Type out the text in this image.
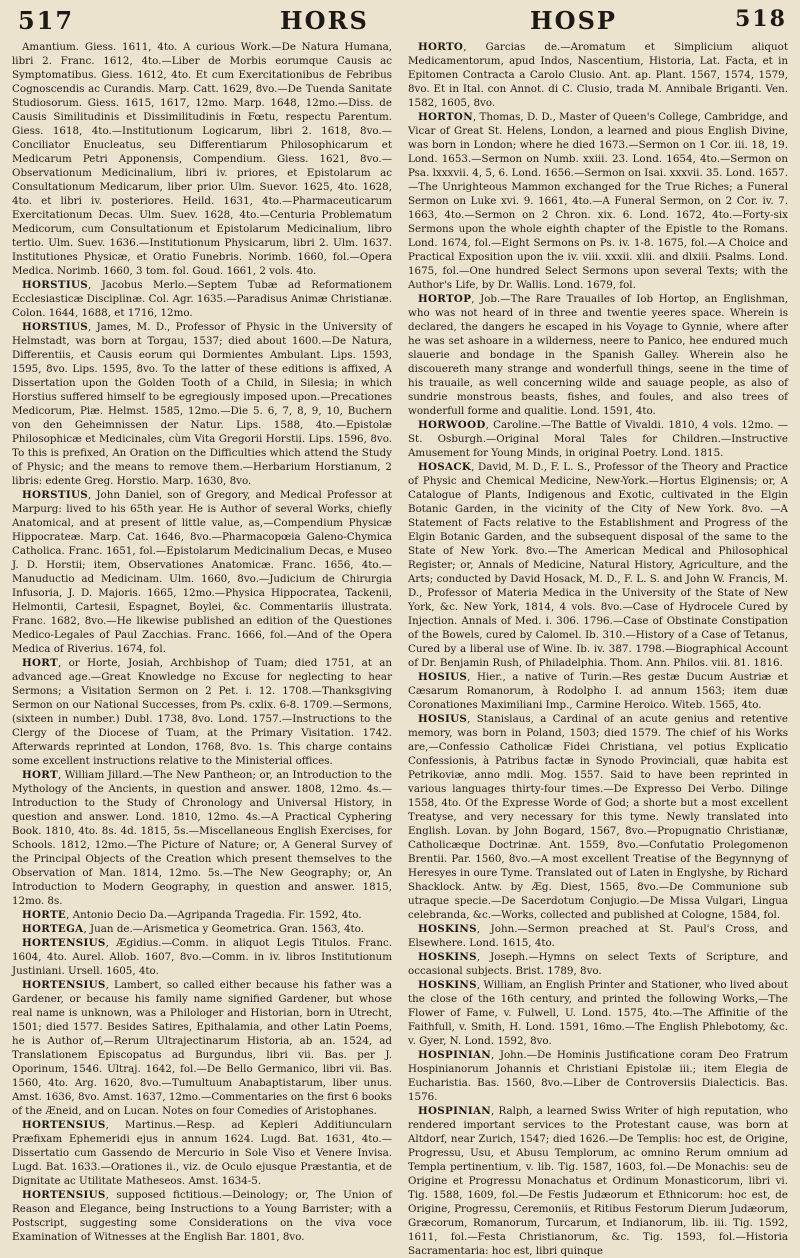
517	HORS	HOSP	518

Amantium. Giess. 1611, 4to. A curious Work.—De Natura Humana, libri 2. Franc. 1612, 4to.—Liber de Morbis eorumque Causis ac Symptomatibus. Giess. 1612, 4to. Et cum Exercitationibus de Febribus Cognoscendis ac Curandis. Marp. Catt. 1629, 8vo.—De Tuenda Sanitate Studiosorum. Giess. 1615, 1617, 12mo. Marp. 1648, 12mo.—Diss. de Causis Similitudinis et Dissimilitudinis in Fœtu, respectu Parentum. Giess. 1618, 4to.—Institutionum Logicarum, libri 2. 1618, 8vo.—Conciliator Enucleatus, seu Differentiarum Philosophicarum et Medicarum Petri Apponensis, Compendium. Giess. 1621, 8vo.—Observationum Medicinalium, libri iv. priores, et Epistolarum ac Consultationum Medicarum, liber prior. Ulm. Suevor. 1625, 4to. 1628, 4to. et libri iv. posteriores. Heild. 1631, 4to.—Pharmaceuticarum Exercitationum Decas. Ulm. Suev. 1628, 4to.—Centuria Problematum Medicorum, cum Consultationum et Epistolarum Medicinalium, libro tertio. Ulm. Suev. 1636.—Institutionum Physicarum, libri 2. Ulm. 1637. Institutiones Physicæ, et Oratio Funebris. Norimb. 1660, fol.—Opera Medica. Norimb. 1660, 3 tom. fol. Goud. 1661, 2 vols. 4to.

HORSTIUS, Jacobus Merlo.—Septem Tubæ ad Reformationem Ecclesiasticæ Disciplinæ. Col. Agr. 1635.—Paradisus Animæ Christianæ. Colon. 1644, 1688, et 1716, 12mo.

HORSTIUS, James, M. D., Professor of Physic in the University of Helmstadt, was born at Torgau, 1537; died about 1600.—De Natura, Differentiis, et Causis eorum qui Dormientes Ambulant. Lips. 1593, 1595, 8vo. Lips. 1595, 8vo. To the latter of these editions is affixed, A Dissertation upon the Golden Tooth of a Child, in Silesia; in which Horstius suffered himself to be egregiously imposed upon.—Precationes Medicorum, Piæ. Helmst. 1585, 12mo.—Die 5. 6, 7, 8, 9, 10, Buchern von den Geheimnissen der Natur. Lips. 1588, 4to.—Epistolæ Philosophicæ et Medicinales, cùm Vita Gregorii Horstii. Lips. 1596, 8vo. To this is prefixed, An Oration on the Difficulties which attend the Study of Physic; and the means to remove them.—Herbarium Horstianum, 2 libris: edente Greg. Horstio. Marp. 1630, 8vo.

HORSTIUS, John Daniel, son of Gregory, and Medical Professor at Marpurg: lived to his 65th year. He is Author of several Works, chiefly Anatomical, and at present of little value, as,—Compendium Physicæ Hippocrateæ. Marp. Cat. 1646, 8vo.—Pharmacopœia Galeno-Chymica Catholica. Franc. 1651, fol.—Epistolarum Medicinalium Decas, e Museo J. D. Horstii; item, Observationes Anatomicæ. Franc. 1656, 4to.—Manuductio ad Medicinam. Ulm. 1660, 8vo.—Judicium de Chirurgia Infusoria, J. D. Majoris. 1665, 12mo.—Physica Hippocratea, Tackenii, Helmontii, Cartesii, Espagnet, Boylei, &c. Commentariis illustrata. Franc. 1682, 8vo.—He likewise published an edition of the Questiones Medico-Legales of Paul Zacchias. Franc. 1666, fol.—And of the Opera Medica of Riverius. 1674, fol.

HORT, or Horte, Josiah, Archbishop of Tuam; died 1751, at an advanced age.—Great Knowledge no Excuse for neglecting to hear Sermons; a Visitation Sermon on 2 Pet. i. 12. 1708.—Thanksgiving Sermon on our National Successes, from Ps. cxlix. 6-8. 1709.—Sermons, (sixteen in number.) Dubl. 1738, 8vo. Lond. 1757.—Instructions to the Clergy of the Diocese of Tuam, at the Primary Visitation. 1742. Afterwards reprinted at London, 1768, 8vo. 1s. This charge contains some excellent instructions relative to the Ministerial offices.

HORT, William Jillard.—The New Pantheon; or, an Introduction to the Mythology of the Ancients, in question and answer. 1808, 12mo. 4s.—Introduction to the Study of Chronology and Universal History, in question and answer. Lond. 1810, 12mo. 4s.—A Practical Cyphering Book. 1810, 4to. 8s. 4d. 1815, 5s.—Miscellaneous English Exercises, for Schools. 1812, 12mo.—The Picture of Nature; or, A General Survey of the Principal Objects of the Creation which present themselves to the Observation of Man. 1814, 12mo. 5s.—The New Geography; or, An Introduction to Modern Geography, in question and answer. 1815, 12mo. 8s.

HORTE, Antonio Decio Da.—Agripanda Tragedia. Fir. 1592, 4to.

HORTEGA, Juan de.—Arismetica y Geometrica. Gran. 1563, 4to.

HORTENSIUS, Ægidius.—Comm. in aliquot Legis Titulos. Franc. 1604, 4to. Aurel. Allob. 1607, 8vo.—Comm. in iv. libros Institutionum Justiniani. Ursell. 1605, 4to.

HORTENSIUS, Lambert, so called either because his father was a Gardener, or because his family name signified Gardener, but whose real name is unknown, was a Philologer and Historian, born in Utrecht, 1501; died 1577. Besides Satires, Epithalamia, and other Latin Poems, he is Author of,—Rerum Ultrajectinarum Historia, ab an. 1524, ad Translationem Episcopatus ad Burgundus, libri vii. Bas. per J. Oporinum, 1546. Ultraj. 1642, fol.—De Bello Germanico, libri vii. Bas. 1560, 4to. Arg. 1620, 8vo.—Tumultuum Anabaptistarum, liber unus. Amst. 1636, 8vo. Amst. 1637, 12mo.—Commentaries on the first 6 books of the Æneid, and on Lucan. Notes on four Comedies of Aristophanes.

HORTENSIUS, Martinus.—Resp. ad Kepleri Additiuncularn Præfixam Ephemeridi ejus in annum 1624. Lugd. Bat. 1631, 4to.—Dissertatio cum Gassendo de Mercurio in Sole Viso et Venere Invisa. Lugd. Bat. 1633.—Orationes ii., viz. de Oculo ejusque Præstantia, et de Dignitate ac Utilitate Matheseos. Amst. 1634-5.

HORTENSIUS, supposed fictitious.—Deinology; or, The Union of Reason and Elegance, being Instructions to a Young Barrister; with a Postscript, suggesting some Considerations on the viva voce Examination of Witnesses at the English Bar. 1801, 8vo.

HORTO, Garcias de.—Aromatum et Simplicium aliquot Medicamentorum, apud Indos, Nascentium, Historia, Lat. Facta, et in Epitomen Contracta a Carolo Clusio. Ant. ap. Plant. 1567, 1574, 1579, 8vo. Et in Ital. con Annot. di C. Clusio, trada M. Annibale Briganti. Ven. 1582, 1605, 8vo.

HORTON, Thomas, D. D., Master of Queen's College, Cambridge, and Vicar of Great St. Helens, London, a learned and pious English Divine, was born in London; where he died 1673.—Sermon on 1 Cor. iii. 18, 19. Lond. 1653.—Sermon on Numb. xxiii. 23. Lond. 1654, 4to.—Sermon on Psa. lxxxvii. 4, 5, 6. Lond. 1656.—Sermon on Isai. xxxvii. 35. Lond. 1657.—The Unrighteous Mammon exchanged for the True Riches; a Funeral Sermon on Luke xvi. 9. 1661, 4to.—A Funeral Sermon, on 2 Cor. iv. 7. 1663, 4to.—Sermon on 2 Chron. xix. 6. Lond. 1672, 4to.—Forty-six Sermons upon the whole eighth chapter of the Epistle to the Romans. Lond. 1674, fol.—Eight Sermons on Ps. iv. 1-8. 1675, fol.—A Choice and Practical Exposition upon the iv. viii. xxxii. xlii. and dlxiii. Psalms. Lond. 1675, fol.—One hundred Select Sermons upon several Texts; with the Author's Life, by Dr. Wallis. Lond. 1679, fol.

HORTOP, Job.—The Rare Trauailes of Iob Hortop, an Englishman, who was not heard of in three and twentie yeeres space. Wherein is declared, the dangers he escaped in his Voyage to Gynnie, where after he was set ashoare in a wilderness, neere to Panico, hee endured much slauerie and bondage in the Spanish Galley. Wherein also he discouereth many strange and wonderfull things, seene in the time of his trauaile, as well concerning wilde and sauage people, as also of sundrie monstrous beasts, fishes, and foules, and also trees of wonderfull forme and qualitie. Lond. 1591, 4to.

HORWOOD, Caroline.—The Battle of Vivaldi. 1810, 4 vols. 12mo. —St. Osburgh.—Original Moral Tales for Children.—Instructive Amusement for Young Minds, in original Poetry. Lond. 1815.

HOSACK, David, M. D., F. L. S., Professor of the Theory and Practice of Physic and Chemical Medicine, New-York.—Hortus Elginensis; or, A Catalogue of Plants, Indigenous and Exotic, cultivated in the Elgin Botanic Garden, in the vicinity of the City of New York. 8vo. —A Statement of Facts relative to the Establishment and Progress of the Elgin Botanic Garden, and the subsequent disposal of the same to the State of New York. 8vo.—The American Medical and Philosophical Register; or, Annals of Medicine, Natural History, Agriculture, and the Arts; conducted by David Hosack, M. D., F. L. S. and John W. Francis, M. D., Professor of Materia Medica in the University of the State of New York, &c. New York, 1814, 4 vols. 8vo.—Case of Hydrocele Cured by Injection. Annals of Med. i. 306. 1796.—Case of Obstinate Constipation of the Bowels, cured by Calomel. Ib. 310.—History of a Case of Tetanus, Cured by a liberal use of Wine. Ib. iv. 387. 1798.—Biographical Account of Dr. Benjamin Rush, of Philadelphia. Thom. Ann. Philos. viii. 81. 1816.

HOSIUS, Hier., a native of Turin.—Res gestæ Ducum Austriæ et Cæsarum Romanorum, à Rodolpho I. ad annum 1563; item duæ Coronationes Maximiliani Imp., Carmine Heroico. Witeb. 1565, 4to.

HOSIUS, Stanislaus, a Cardinal of an acute genius and retentive memory, was born in Poland, 1503; died 1579. The chief of his Works are,—Confessio Catholicæ Fidei Christiana, vel potius Explicatio Confessionis, à Patribus factæ in Synodo Provinciali, quæ habita est Petrikoviæ, anno mdli. Mog. 1557. Said to have been reprinted in various languages thirty-four times.—De Expresso Dei Verbo. Dilinge 1558, 4to. Of the Expresse Worde of God; a shorte but a most excellent Treatyse, and very necessary for this tyme. Newly translated into English. Lovan. by John Bogard, 1567, 8vo.—Propugnatio Christianæ, Catholicæque Doctrinæ. Ant. 1559, 8vo.—Confutatio Prolegomenon Brentii. Par. 1560, 8vo.—A most excellent Treatise of the Begynnyng of Heresyes in oure Tyme. Translated out of Laten in Englyshe, by Richard Shacklock. Antw. by Æg. Diest, 1565, 8vo.—De Communione sub utraque specie.—De Sacerdotum Conjugio.—De Missa Vulgari, Lingua celebranda, &c.—Works, collected and published at Cologne, 1584, fol.

HOSKINS, John.—Sermon preached at St. Paul's Cross, and Elsewhere. Lond. 1615, 4to.

HOSKINS, Joseph.—Hymns on select Texts of Scripture, and occasional subjects. Brist. 1789, 8vo.

HOSKINS, William, an English Printer and Stationer, who lived about the close of the 16th century, and printed the following Works,—The Flower of Fame, v. Fulwell, U. Lond. 1575, 4to.—The Affinitie of the Faithfull, v. Smith, H. Lond. 1591, 16mo.—The English Phlebotomy, &c. v. Gyer, N. Lond. 1592, 8vo.

HOSPINIAN, John.—De Hominis Justificatione coram Deo Fratrum Hospinianorum Johannis et Christiani Epistolæ iii.; item Elegia de Eucharistia. Bas. 1560, 8vo.—Liber de Controversiis Dialecticis. Bas. 1576.

HOSPINIAN, Ralph, a learned Swiss Writer of high reputation, who rendered important services to the Protestant cause, was born at Altdorf, near Zurich, 1547; died 1626.—De Templis: hoc est, de Origine, Progressu, Usu, et Abusu Templorum, ac omnino Rerum omnium ad Templa pertinentium, v. lib. Tig. 1587, 1603, fol.—De Monachis: seu de Origine et Progressu Monachatus et Ordinum Monasticorum, libri vi. Tig. 1588, 1609, fol.—De Festis Judæorum et Ethnicorum: hoc est, de Origine, Progressu, Ceremoniis, et Ritibus Festorum Dierum Judæorum, Græcorum, Romanorum, Turcarum, et Indianorum, lib. iii. Tig. 1592, 1611, fol.—Festa Christianorum, &c. Tig. 1593, fol.—Historia Sacramentaria: hoc est, libri quinque
